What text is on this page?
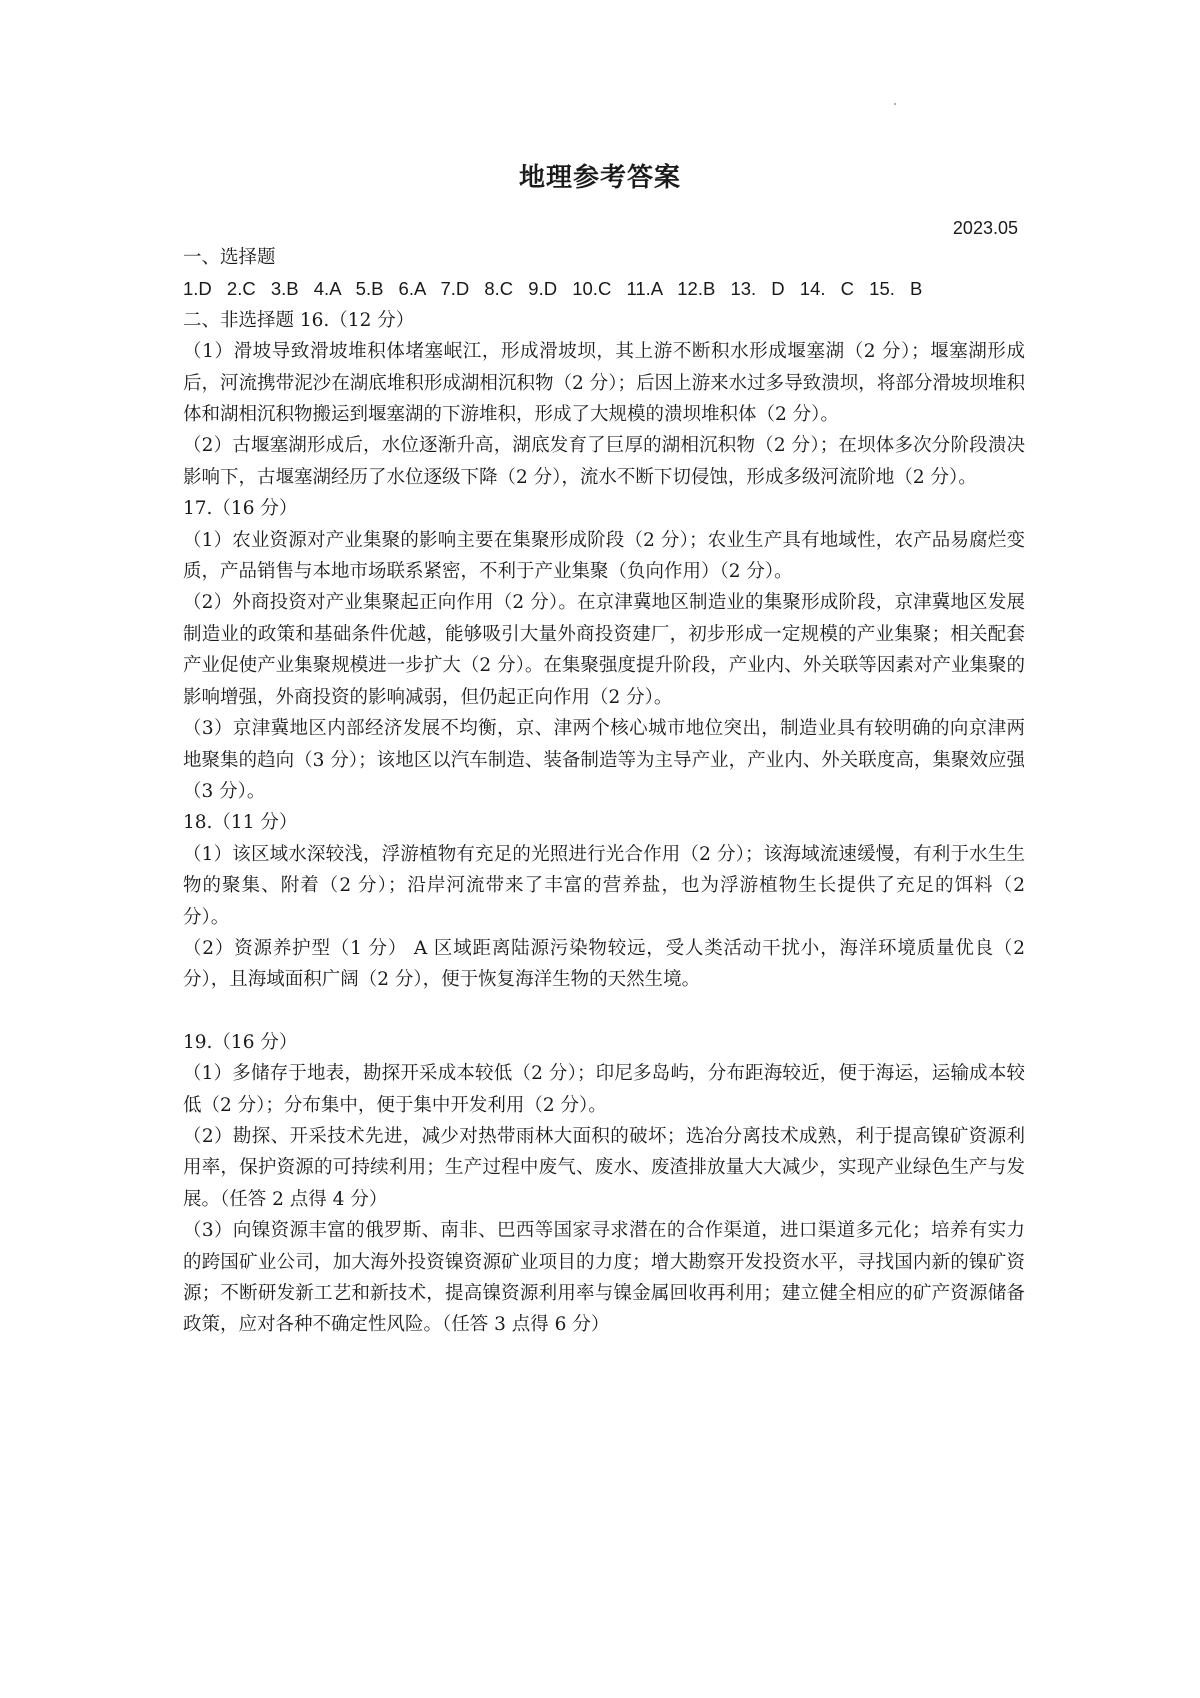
地理参考答案
2023.05

一、选择题

1.D 2.C 3.B 4.A 5.B 6.A 7.D 8.C 9.D 10.C 11.A 12.B 13. D 14. C 15. B

二、非选择题 16.（12 分）

（1）滑坡导致滑坡堆积体堵塞岷江，形成滑坡坝，其上游不断积水形成堰塞湖（2 分）；堰塞湖形成后，河流携带泥沙在湖底堆积形成湖相沉积物（2 分）；后因上游来水过多导致溃坝，将部分滑坡坝堆积体和湖相沉积物搬运到堰塞湖的下游堆积，形成了大规模的溃坝堆积体（2 分）。

（2）古堰塞湖形成后，水位逐渐升高，湖底发育了巨厚的湖相沉积物（2 分）；在坝体多次分阶段溃决影响下，古堰塞湖经历了水位逐级下降（2 分），流水不断下切侵蚀，形成多级河流阶地（2 分）。

17.（16 分）

（1）农业资源对产业集聚的影响主要在集聚形成阶段（2 分）；农业生产具有地域性，农产品易腐烂变质，产品销售与本地市场联系紧密，不利于产业集聚（负向作用）（2 分）。

（2）外商投资对产业集聚起正向作用（2 分）。在京津冀地区制造业的集聚形成阶段，京津冀地区发展制造业的政策和基础条件优越，能够吸引大量外商投资建厂，初步形成一定规模的产业集聚；相关配套产业促使产业集聚规模进一步扩大（2 分）。在集聚强度提升阶段，产业内、外关联等因素对产业集聚的影响增强，外商投资的影响减弱，但仍起正向作用（2 分）。

（3）京津冀地区内部经济发展不均衡，京、津两个核心城市地位突出，制造业具有较明确的向京津两地聚集的趋向（3 分）；该地区以汽车制造、装备制造等为主导产业，产业内、外关联度高，集聚效应强（3 分）。

18.（11 分）

（1）该区域水深较浅，浮游植物有充足的光照进行光合作用（2 分）；该海域流速缓慢，有利于水生生物的聚集、附着（2 分）；沿岸河流带来了丰富的营养盐，也为浮游植物生长提供了充足的饵料（2 分）。

（2）资源养护型（1 分） A 区域距离陆源污染物较远，受人类活动干扰小，海洋环境质量优良（2 分），且海域面积广阔（2 分），便于恢复海洋生物的天然生境。

19.（16 分）

（1）多储存于地表，勘探开采成本较低（2 分）；印尼多岛屿，分布距海较近，便于海运，运输成本较低（2 分）；分布集中，便于集中开发利用（2 分）。

（2）勘探、开采技术先进，减少对热带雨林大面积的破坏；选冶分离技术成熟，利于提高镍矿资源利用率，保护资源的可持续利用；生产过程中废气、废水、废渣排放量大大减少，实现产业绿色生产与发展。（任答 2 点得 4 分）

（3）向镍资源丰富的俄罗斯、南非、巴西等国家寻求潜在的合作渠道，进口渠道多元化；培养有实力的跨国矿业公司，加大海外投资镍资源矿业项目的力度；增大勘察开发投资水平，寻找国内新的镍矿资源；不断研发新工艺和新技术，提高镍资源利用率与镍金属回收再利用；建立健全相应的矿产资源储备政策，应对各种不确定性风险。（任答 3 点得 6 分）
